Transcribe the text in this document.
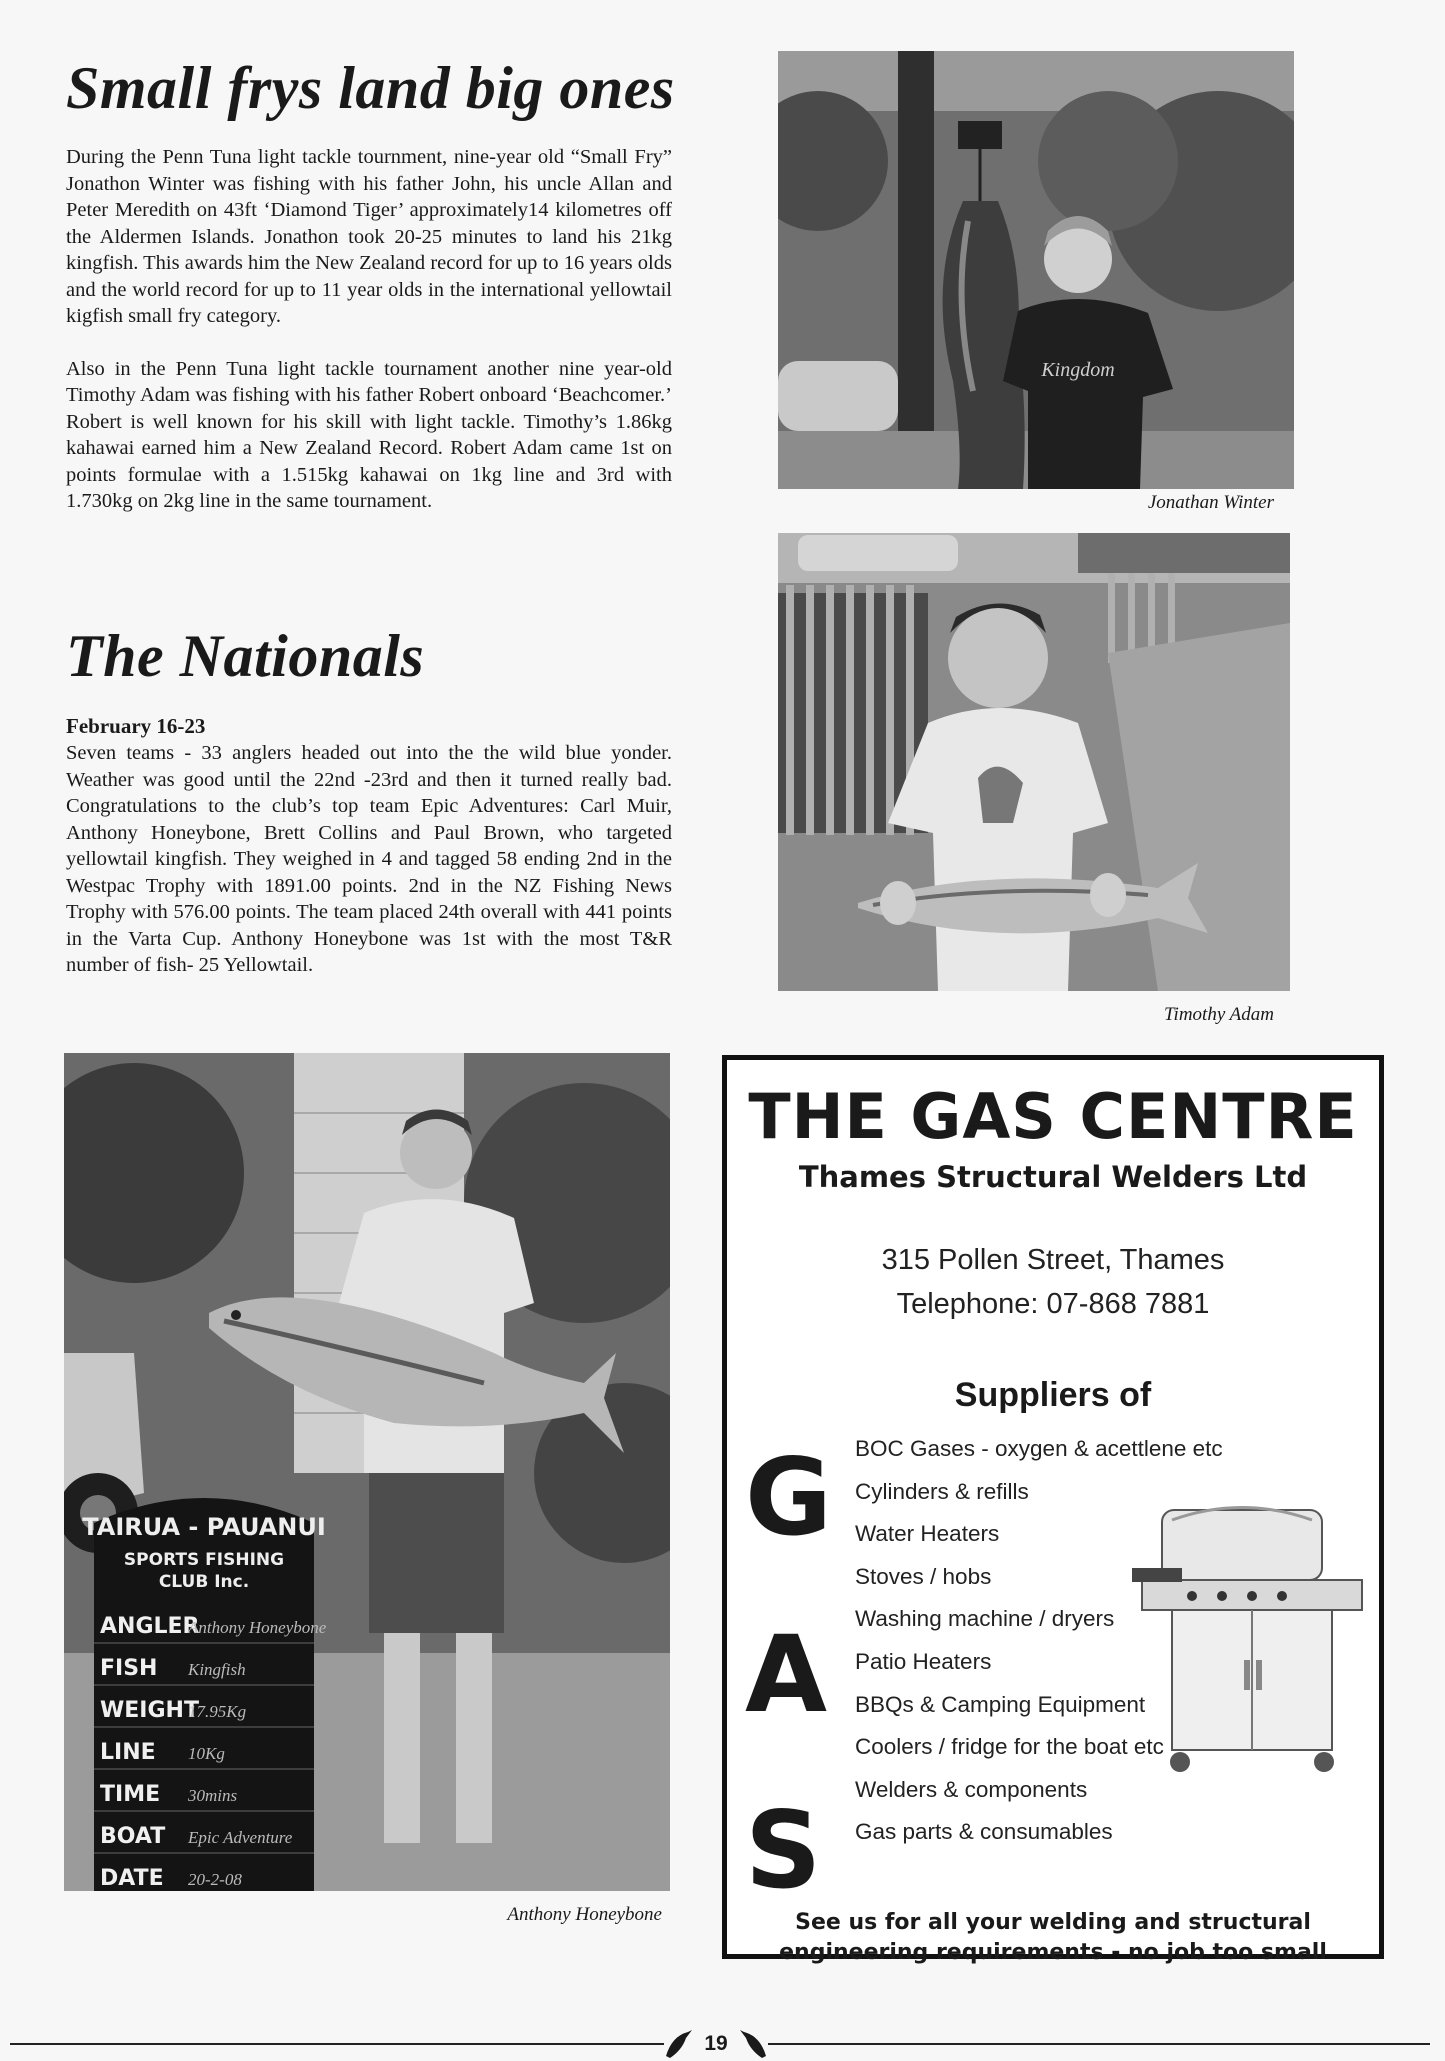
Small frys land big ones

During the Penn Tuna light tackle tournment, nine-year old “Small Fry” Jonathon Winter was fishing with his father John, his uncle Allan and Peter Meredith on 43ft ‘Diamond Tiger’ approximately14 kilometres off the Aldermen Islands. Jonathon took 20-25 minutes to land his 21kg kingfish. This awards him the New Zealand record for up to 16 years olds and the world record for up to 11 year olds in the international yellowtail kigfish small fry category.

Also in the Penn Tuna light tackle tournament another nine year-old Timothy Adam was fishing with his father Robert onboard ‘Beachcomer.’ Robert is well known for his skill with light tackle. Timothy’s 1.86kg kahawai earned him a New Zealand Record. Robert Adam came 1st on points formulae with a 1.515kg kahawai on 1kg line and 3rd with 1.730kg on 2kg line in the same tournament.

The Nationals
February 16-23

Seven teams - 33 anglers headed out into the the wild blue yonder. Weather was good until the 22nd -23rd and then it turned really bad. Congratulations to the club’s top team Epic Adventures: Carl Muir, Anthony Honeybone, Brett Collins and Paul Brown, who targeted yellowtail kingfish. They weighed in 4 and tagged 58 ending 2nd in the Westpac Trophy with 1891.00 points. 2nd in the NZ Fishing News Trophy with 576.00 points. The team placed 24th overall with 441 points in the Varta Cup. Anthony Honeybone was 1st with the most T&R number of fish- 25 Yellowtail.

Kingdom
Jonathan Winter
Timothy Adam
TAIRUA - PAUANUI
SPORTS FISHING
CLUB Inc.
ANGLER
FISH
WEIGHT
LINE
TIME
BOAT
DATE
Anthony Honeybone
Kingfish
17.95Kg
10Kg
30mins
Epic Adventure
20-2-08
Anthony Honeybone
THE GAS CENTRE
Thames Structural Welders Ltd
315 Pollen Street, Thames
Telephone: 07-868 7881
Suppliers of
G
A
S
BOC Gases - oxygen & acettlene etc
Cylinders & refills
Water Heaters
Stoves / hobs
Washing machine / dryers
Patio Heaters
BBQs & Camping Equipment
Coolers / fridge for the boat etc
Welders & components
Gas parts & consumables
See us for all your welding and structural
engineering requirements - no job too small
19
